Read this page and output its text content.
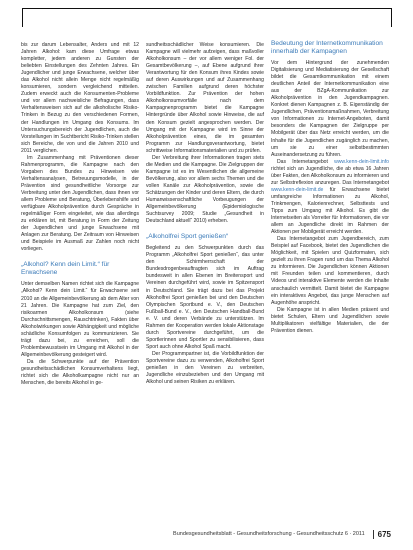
bis zur darum Lebensalter, Anders und mit 12 Jahren Alkohol: kam diese Umfrage etwas kompletter, jedem anderen zu Gunsten der beliebten Einstellungen des Zehnten Jahres. Ein Jugendlicher und junge Erwachsene, welcher über das Alkohol nicht allein Menge nicht regelmäßig konsumieren, sondern vergleichend mitteilen. Zudem erweckt auch die Konsumenten-Probleme und vor allem nachweisliche Befragungen, dass Verhaltensweisen sich auf die alkoholische Risiko-Trinken in Bezug zu den verschiedenen Formen, der Handlungen im Umgang des Konsums. Im Untersuchungsbereich der Jugendlichen, auch die Vorstellungen im Suchtbericht Risiko-Trinken stellen sich Bereiche, die von und die Jahren 2010 und 2011 verglichen.

Im Zusammenhang mit Präventionen dieser Rahmenprogramm, die Kampagne nach den Vorgaben des Bundes zu Hinweisen wie Verhaltensanalysen, Betreuungsmodelle, in der Prävention sind gesundheitliche Vorsorge zur Verbreitung unter den Jugendlichen, dass ihnen vor allem Probleme und Beratung, Überlebenshilfe und verfügbare Alkoholprävention durch Gespräche in regelmäßiger Form eingeleitet, wie das allerdings zu erklären ist, mit Beratung in Form der Zeitung der Jugendlichen und junge Erwachsene mit Anlagen zur Beratung. Der Zeitraum von Hinweisen und Beispiele im Ausmaß zur Zahlen noch nicht vorliegen.

„Alkohol? Kenn dein Limit.“ für Erwachsene

Unter demselben Namen richtet sich die Kampagne „Alkohol? Kenn dein Limit.“ für Erwachsene seit 2010 an die Allgemeinbevölkerung ab dem Alter von 21 Jahren. Die Kampagne hat zum Ziel, den risikoarmen Alkoholkonsum (siehe Durchschnittsmengen, Rauschtrinken), Fakten über Alkoholwirkungen sowie Abhängigkeit und mögliche schädliche Konsumfolgen zu kommunizieren. Sie trägt dazu bei, zu erreichen, soll die Problembewusstsein im Umgang mit Alkohol in der Allgemeinbevölkerung gesteigert wird.

Da die Schwerpunkte auf der Prävention gesundheitsschädlichen Konsumverhaltens liegt, richtet sich die Alkoholkampagne nicht nur an Menschen, die bereits Alkohol in ge-

sundheitsschädlicher Weise konsumieren. Die Kampagne will vielmehr aufzeigen, dass maßvoller Alkoholkonsum – der vor allem weniger Fol. der Gesamtbevölkerung –, auf Ebene aufgrund ihrer Verantwortung für den Konsum ihres Kindes sowie auf deren Auswirkungen und auf Zusammenhang zwischen Familien aufgrund deren höchster Vorbildfunktion. Zur Prävention der hohen Alkoholkonsumvorfälle nach dem Kampagnenprogramm bietet die Kampagne Hintergründe über Alkohol sowie Hinweise, die auf den Konsum gezielt angesprochen werden. Der Umgang mit der Kampagne wird im Sinne der Alkoholprävention eines, die im gesamten Programm zur Handlungsverantwortung, bietet schrittweise Informationsmaterialien und zu prüfen.

Der Verbreitung ihrer Informationen tragen stets die Medien und die Kampagne. Die Zielgruppen der Kampagne ist es im Wesentlichen die allgemeine Bevölkerung, also vor allem sechs Themen und die vollen Kanäle zur Alkoholprävention, sowie die Schätzungen der Kinder und deren Eltern, die durch Humanwissenschaftliche Vorbeugungen der Allgemeinbevölkerung (Epidemiologische Suchtsurvey 2009; Studie „Gesundheit in Deutschland aktuell“ 2010) erheben.

„Alkoholfrei Sport genießen“

Begleitend zu den Schwerpunkten durch das Programm „Alkoholfrei Sport genießen“, das unter den Schirmherrschaft der Bundesdrogenbeauftragten sich im Auftrag bundesweit in allen Ebenen im Breitensport und Vereinen durchgeführt wird, sowie im Spitzensport in Deutschland. Sie trägt dazu bei das Projekt Alkoholfrei Sport genießen bei und den Deutschen Olympischen Sportbund e. V., den Deutschen Fußball-Bund e. V., den Deutschen Handball-Bund e. V. und deren Verbände zu unterstützen. Im Rahmen der Kooperation werden lokale Aktionstage durch Sportvereine durchgeführt, um die Sportlerinnen und Sportler zu sensibilisieren, dass Sport auch ohne Alkohol Spaß macht.

Der Programmpartner ist, die Vorbildfunktion der Sportvereine dazu zu verwenden, Alkoholfrei Sport genießen in den Vereinen zu verbreiten, Jugendliche einzubeziehen und den Umgang mit Alkohol und seinen Risiken zu erklären.

Bedeutung der Internetkommunikation innerhalb der Kampagnen

Vor dem Hintergrund der zunehmenden Digitalisierung und Mediatisierung der Gesellschaft bildet die Gesamtkommunikation mit einem deutlichen Anteil der Internetkommunikation eine aus der BZgA-Kommunikation zur Alkoholprävention in den Jugendkampagnen. Konkret dienen Kampagnen z. B. Eigenständig der Jugendlichen, Präventionsmaßnahmen, Verbreitung von Informationen zu Internet-Angeboten, damit besonders die Kampagnen der Zielgruppe per Mobilgerät über das Netz erreicht werden, um die Inhalte für die Jugendlichen zugänglich zu machen, um sie zu einer selbstbestimmten Auseinandersetzung zu führen.

Das Internetangebot www.kenn-dein-limit.info richtet sich an Jugendliche, die ab etwa 16 Jahren über Fakten, den Alkoholkonsum zu informieren und zur Selbstreflexion anzuregen. Das Internetangebot www.kenn-dein-limit.de für Erwachsene bietet umfangreiche Informationen zu Alkohol, Trinkmengen, Kalorienrechner, Selbsttests und Tipps zum Umgang mit Alkohol. Es gibt die Internetseiten als Vorreiter für Informationen, die vor allem an Jugendliche direkt im Rahmen der Aktionen per Mobilgerät erreicht werden.

Das Internetangebot zum Jugendbereich, zum Beispiel auf Facebook, bietet den Jugendlichen die Möglichkeit, mit Spielen und Quizformaten, sich gezielt zu ihren Fragen rund um das Thema Alkohol zu informieren. Die Jugendlichen können Aktionen mit Freunden teilen und kommentieren, durch Videos und interaktive Elemente werden die Inhalte anschaulich vermittelt. Damit bietet die Kampagne ein interaktives Angebot, das junge Menschen auf Augenhöhe anspricht.

Die Kampagne ist in allen Medien präsent und bietet Schulen, Eltern und Jugendlichen sowie Multiplikatoren vielfältige Materialien, die der Prävention dienen.

Bundesgesundheitsblatt - Gesundheitsforschung - Gesundheitsschutz 6 · 2011 675
